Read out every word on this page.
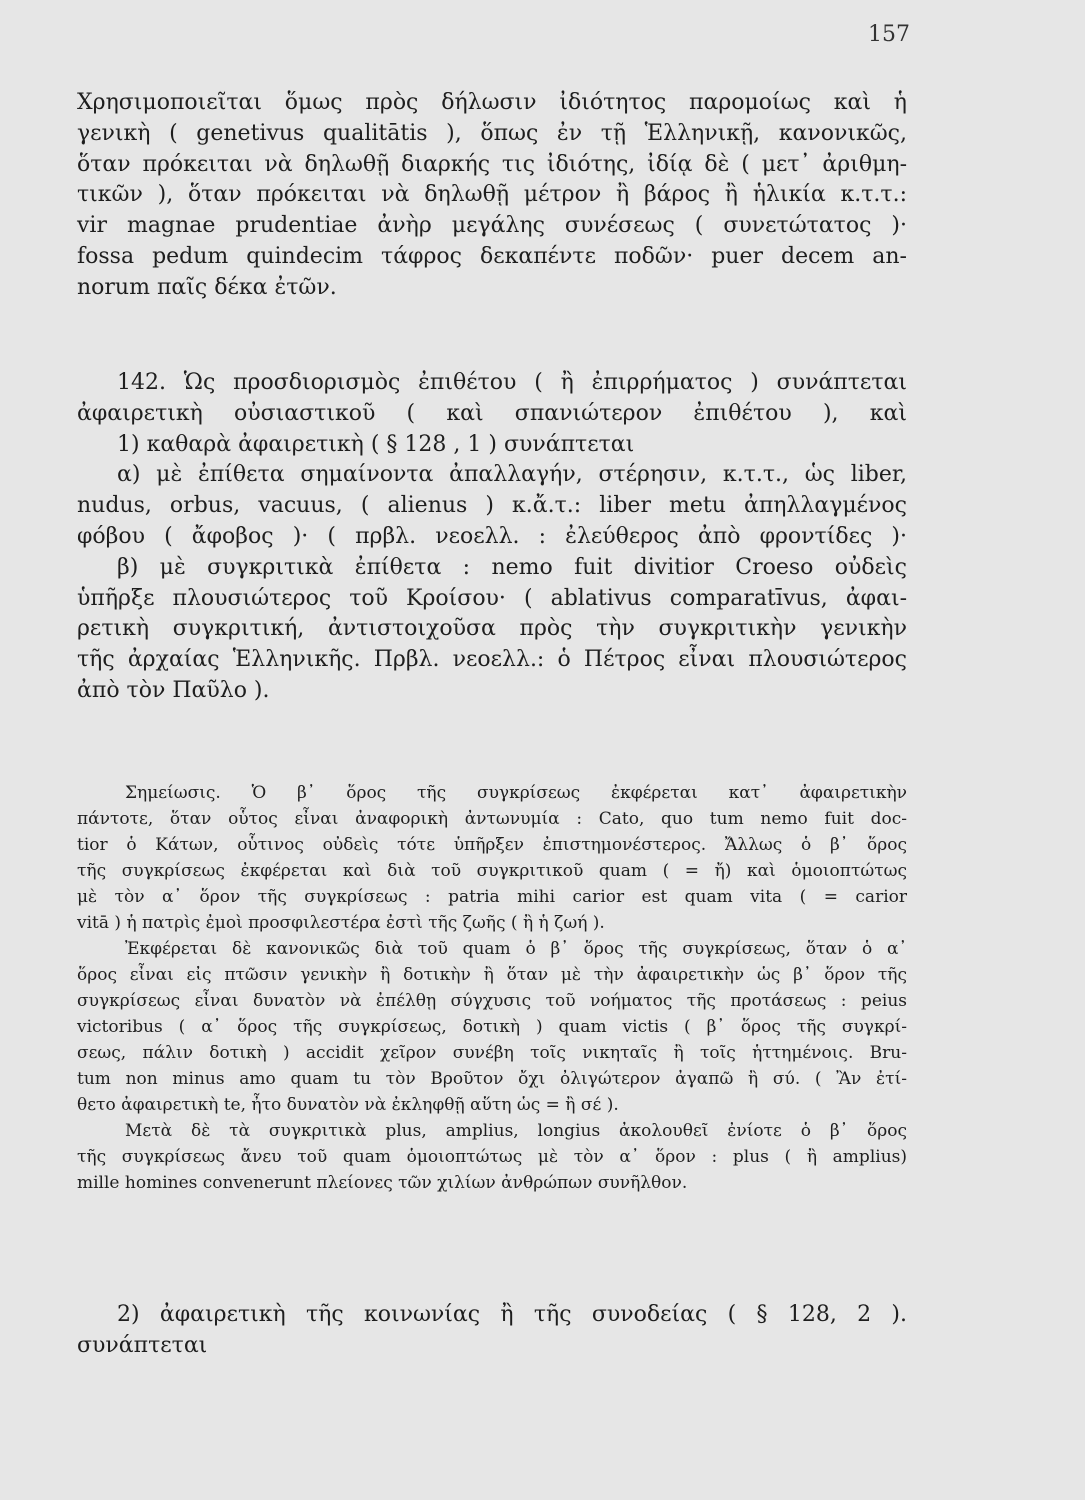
157
Χρησιμοποιεῖται ὅμως πρὸς δήλωσιν ἰδιότητος παρομοίως καὶ ἡ
γενικὴ ( genetivus qualitātis ), ὅπως ἐν τῇ Ἑλληνικῇ, κανονικῶς,
ὅταν πρόκειται νὰ δηλωθῇ διαρκής τις ἰδιότης, ἰδίᾳ δὲ ( μετ᾽ ἀριθμη-
τικῶν ), ὅταν πρόκειται νὰ δηλωθῇ μέτρον ἢ βάρος ἢ ἡλικία κ.τ.τ.:
vir magnae prudentiae ἀνὴρ μεγάλης συνέσεως ( συνετώτατος )·
fossa pedum quindecim τάφρος δεκαπέντε ποδῶν· puer decem an-
norum παῖς δέκα ἐτῶν.
142. Ὡς προσδιορισμὸς ἐπιθέτου ( ἢ ἐπιρρήματος ) συνάπτεται
ἀφαιρετικὴ οὐσιαστικοῦ ( καὶ σπανιώτερον ἐπιθέτου ), καὶ
1) καθαρὰ ἀφαιρετικὴ ( § 128 , 1 ) συνάπτεται
α) μὲ ἐπίθετα σημαίνοντα ἀπαλλαγήν, στέρησιν, κ.τ.τ., ὡς liber,
nudus, orbus, vacuus, ( alienus ) κ.ἄ.τ.: liber metu ἀπηλλαγμένος
φόβου ( ἄφοβος )· ( πρβλ. νεοελλ. : ἐλεύθερος ἀπὸ φροντίδες )·
β) μὲ συγκριτικὰ ἐπίθετα : nemo fuit divitior Croeso οὐδεὶς
ὑπῆρξε πλουσιώτερος τοῦ Κροίσου· ( ablativus comparatīvus, ἀφαι-
ρετικὴ συγκριτική, ἀντιστοιχοῦσα πρὸς τὴν συγκριτικὴν γενικὴν
τῆς ἀρχαίας Ἑλληνικῆς. Πρβλ. νεοελλ.: ὁ Πέτρος εἶναι πλουσιώτερος
ἀπὸ τὸν Παῦλο ).
Σημείωσις. Ὁ β᾽ ὅρος τῆς συγκρίσεως ἐκφέρεται κατ᾽ ἀφαιρετικὴν
πάντοτε, ὅταν οὗτος εἶναι ἀναφορικὴ ἀντωνυμία : Cato, quo tum nemo fuit doc-
tior ὁ Κάτων, οὗτινος οὐδεὶς τότε ὑπῆρξεν ἐπιστημονέστερος. Ἄλλως ὁ β᾽ ὅρος
τῆς συγκρίσεως ἐκφέρεται καὶ διὰ τοῦ συγκριτικοῦ quam ( = ἤ) καὶ ὁμοιοπτώτως
μὲ τὸν α᾽ ὅρον τῆς συγκρίσεως : patria mihi carior est quam vita ( = carior
vitā ) ἡ πατρὶς ἐμοὶ προσφιλεστέρα ἐστὶ τῆς ζωῆς ( ἢ ἡ ζωή ).
Ἐκφέρεται δὲ κανονικῶς διὰ τοῦ quam ὁ β᾽ ὅρος τῆς συγκρίσεως, ὅταν ὁ α᾽
ὅρος εἶναι εἰς πτῶσιν γενικὴν ἢ δοτικὴν ἢ ὅταν μὲ τὴν ἀφαιρετικὴν ὡς β᾽ ὅρον τῆς
συγκρίσεως εἶναι δυνατὸν νὰ ἐπέλθῃ σύγχυσις τοῦ νοήματος τῆς προτάσεως : peius
victoribus ( α᾽ ὅρος τῆς συγκρίσεως, δοτικὴ ) quam victis ( β᾽ ὅρος τῆς συγκρί-
σεως, πάλιν δοτικὴ ) accidit χεῖρον συνέβη τοῖς νικηταῖς ἢ τοῖς ἡττημένοις. Bru-
tum non minus amo quam tu τὸν Βροῦτον ὄχι ὀλιγώτερον ἀγαπῶ ἢ σύ. ( Ἂν ἐτί-
θετο ἀφαιρετικὴ te, ἦτο δυνατὸν νὰ ἐκληφθῇ αὕτη ὡς = ἢ σέ ).
Μετὰ δὲ τὰ συγκριτικὰ plus, amplius, longius ἀκολουθεῖ ἐνίοτε ὁ β᾽ ὅρος
τῆς συγκρίσεως ἄνευ τοῦ quam ὁμοιοπτώτως μὲ τὸν α᾽ ὅρον : plus ( ἢ amplius)
mille homines convenerunt πλείονες τῶν χιλίων ἀνθρώπων συνῆλθον.
2) ἀφαιρετικὴ τῆς κοινωνίας ἢ τῆς συνοδείας ( § 128, 2 ).
συνάπτεται
